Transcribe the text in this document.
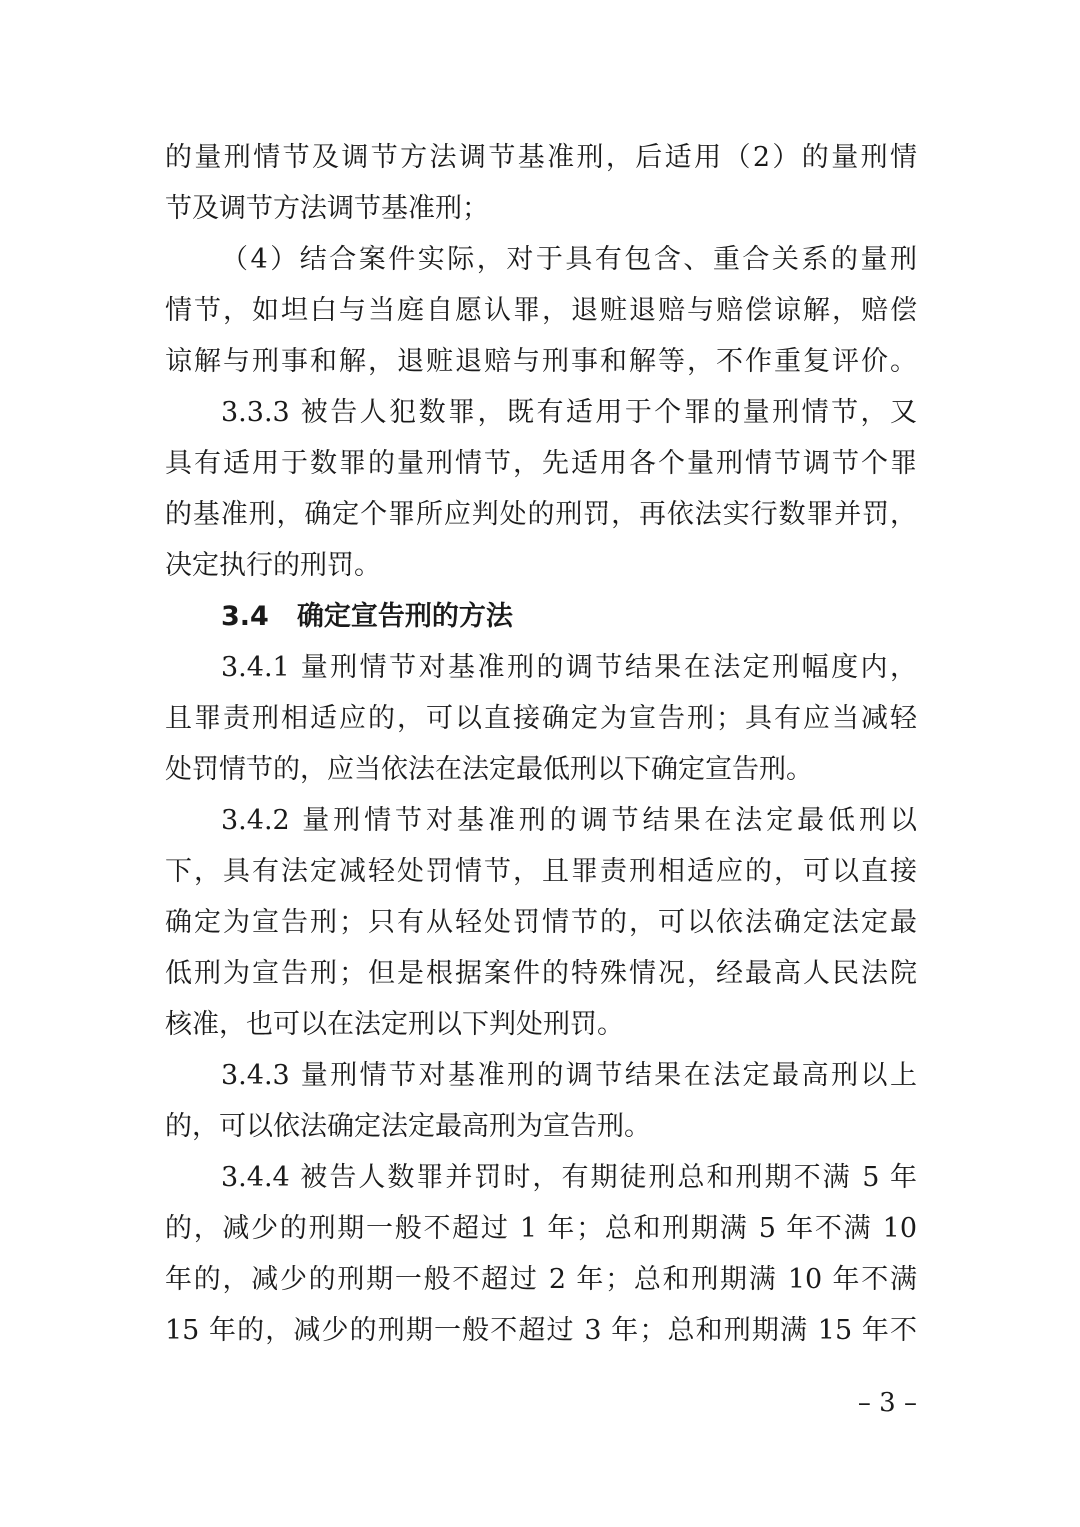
的量刑情节及调节方法调节基准刑，后适用（2）的量刑情
节及调节方法调节基准刑；
（4）结合案件实际，对于具有包含、重合关系的量刑
情节，如坦白与当庭自愿认罪，退赃退赔与赔偿谅解，赔偿
谅解与刑事和解，退赃退赔与刑事和解等，不作重复评价。
3.3.3 被告人犯数罪，既有适用于个罪的量刑情节，又
具有适用于数罪的量刑情节，先适用各个量刑情节调节个罪
的基准刑，确定个罪所应判处的刑罚，再依法实行数罪并罚，
决定执行的刑罚。
3.4 确定宣告刑的方法
3.4.1 量刑情节对基准刑的调节结果在法定刑幅度内，
且罪责刑相适应的，可以直接确定为宣告刑；具有应当减轻
处罚情节的，应当依法在法定最低刑以下确定宣告刑。
3.4.2 量刑情节对基准刑的调节结果在法定最低刑以
下，具有法定减轻处罚情节，且罪责刑相适应的，可以直接
确定为宣告刑；只有从轻处罚情节的，可以依法确定法定最
低刑为宣告刑；但是根据案件的特殊情况，经最高人民法院
核准，也可以在法定刑以下判处刑罚。
3.4.3 量刑情节对基准刑的调节结果在法定最高刑以上
的，可以依法确定法定最高刑为宣告刑。
3.4.4 被告人数罪并罚时，有期徒刑总和刑期不满 5 年
的，减少的刑期一般不超过 1 年；总和刑期满 5 年不满 10
年的，减少的刑期一般不超过 2 年；总和刑期满 10 年不满
15 年的，减少的刑期一般不超过 3 年；总和刑期满 15 年不
– 3 –
